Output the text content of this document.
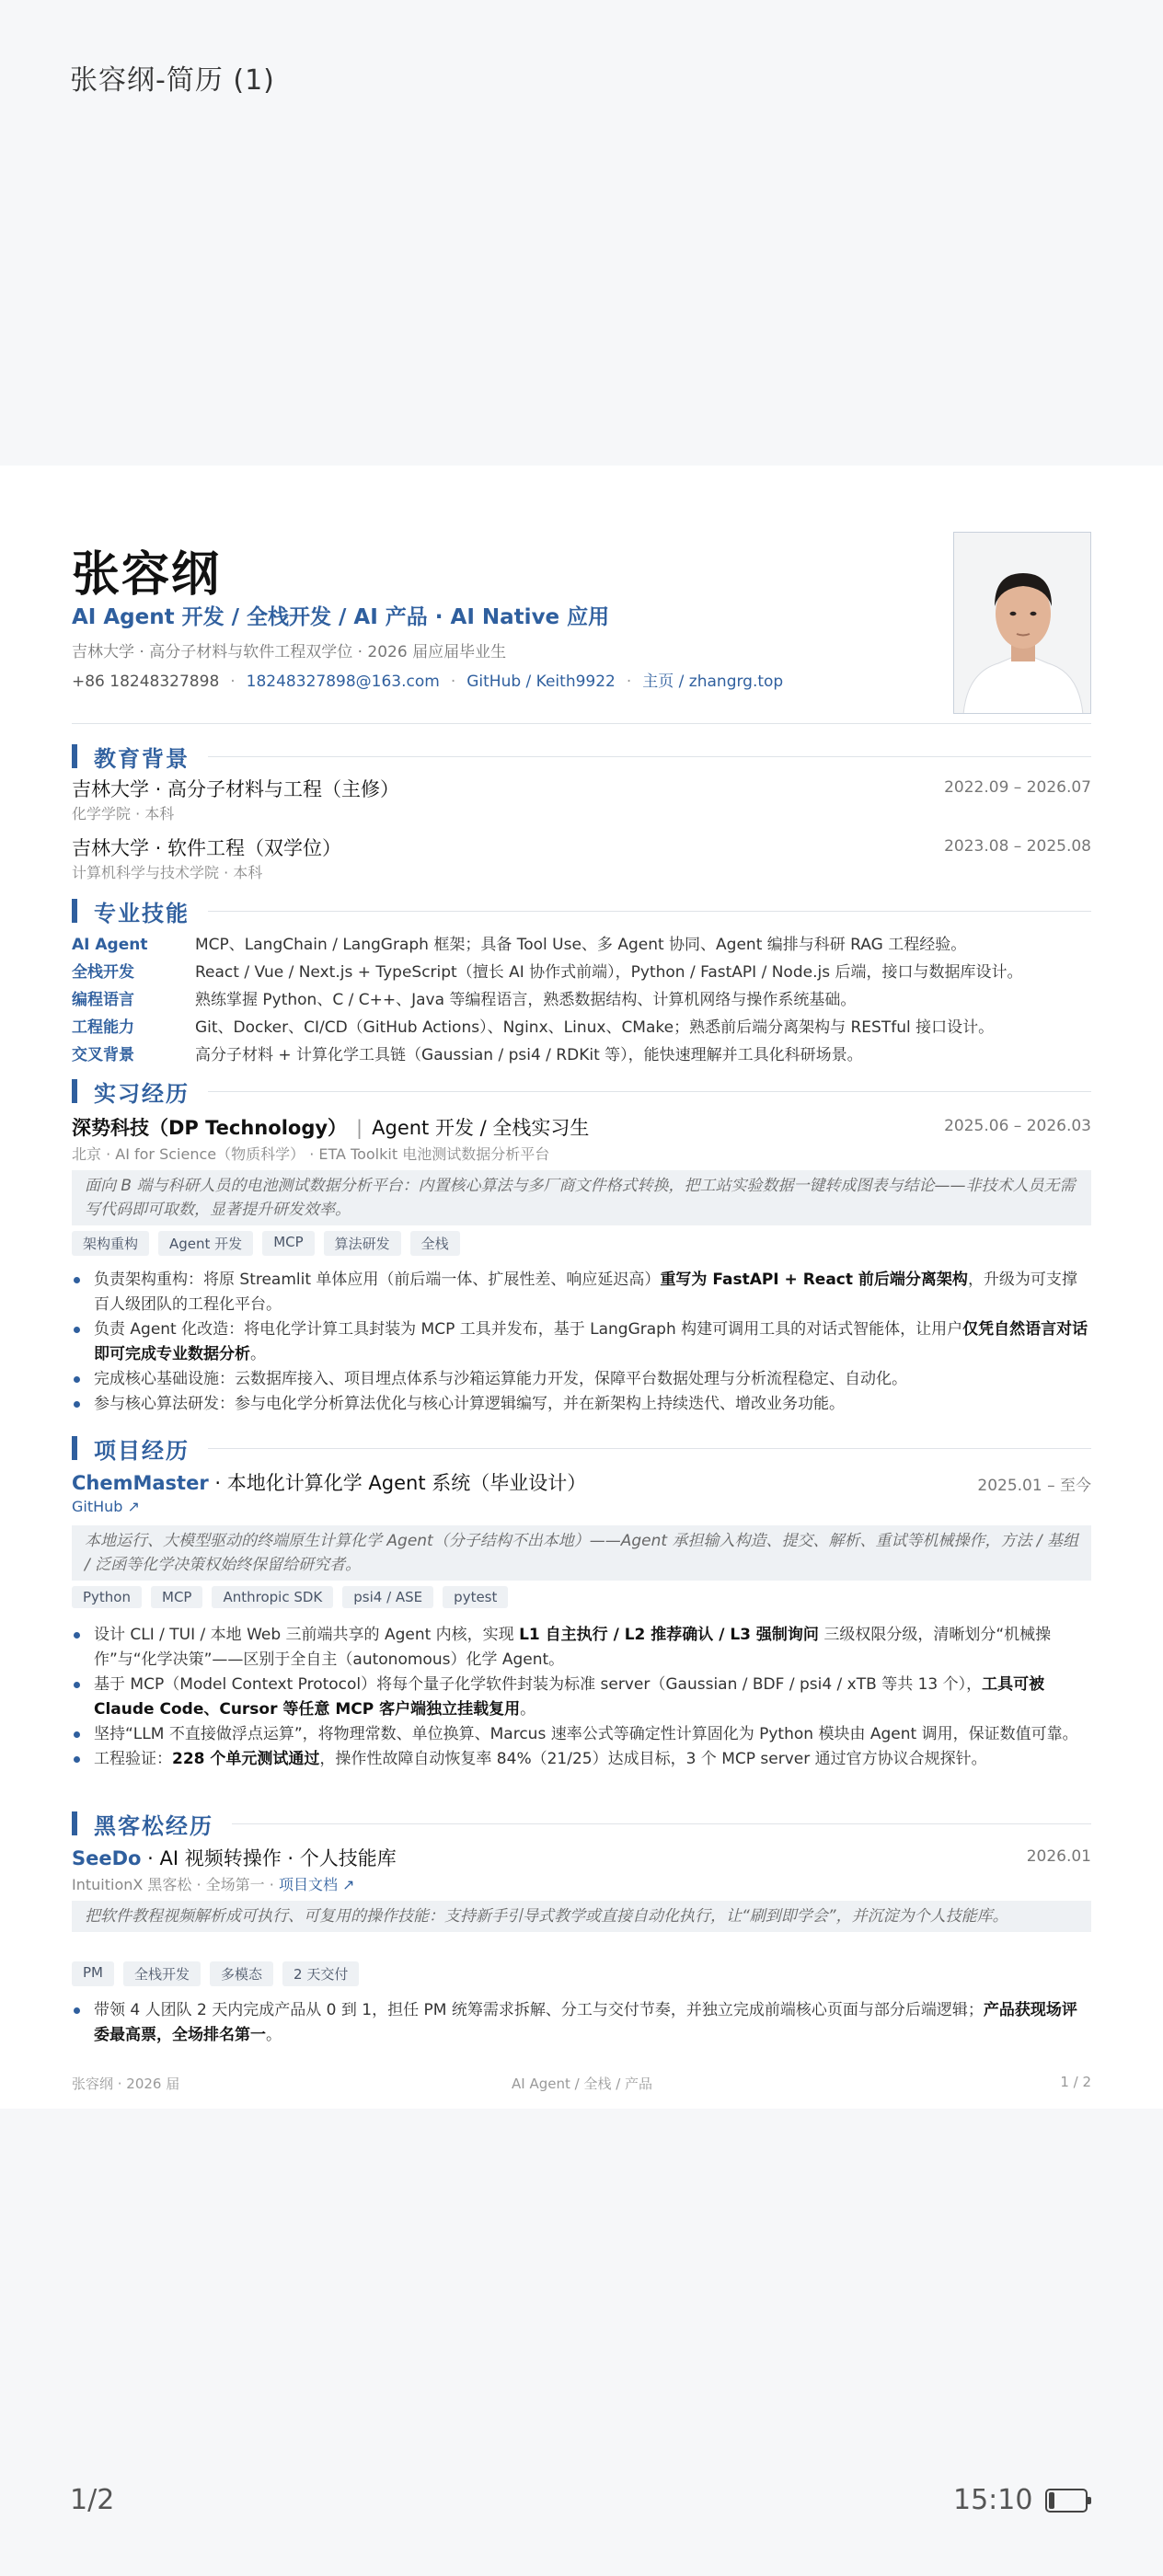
张容纲-简历 (1)
张容纲
AI Agent 开发 / 全栈开发 / AI 产品 · AI Native 应用
吉林大学 · 高分子材料与软件工程双学位 · 2026 届应届毕业生
+86 18248327898 · 18248327898@163.com · GitHub / Keith9922 · 主页 / zhangrg.top
教育背景
吉林大学 · 高分子材料与工程（主修）	2022.09 – 2026.07
化学学院 · 本科
吉林大学 · 软件工程（双学位）	2023.08 – 2025.08
计算机科学与技术学院 · 本科
专业技能
AI Agent	MCP、LangChain / LangGraph 框架；具备 Tool Use、多 Agent 协同、Agent 编排与科研 RAG 工程经验。
全栈开发	React / Vue / Next.js + TypeScript（擅长 AI 协作式前端），Python / FastAPI / Node.js 后端，接口与数据库设计。
编程语言	熟练掌握 Python、C / C++、Java 等编程语言，熟悉数据结构、计算机网络与操作系统基础。
工程能力	Git、Docker、CI/CD（GitHub Actions）、Nginx、Linux、CMake；熟悉前后端分离架构与 RESTful 接口设计。
交叉背景	高分子材料 + 计算化学工具链（Gaussian / psi4 / RDKit 等），能快速理解并工具化科研场景。
实习经历
深势科技（DP Technology） | Agent 开发 / 全栈实习生	2025.06 – 2026.03
北京 · AI for Science（物质科学） · ETA Toolkit 电池测试数据分析平台
面向 B 端与科研人员的电池测试数据分析平台：内置核心算法与多厂商文件格式转换，把工站实验数据一键转成图表与结论——非技术人员无需写代码即可取数，显著提升研发效率。
架构重构	Agent 开发	MCP	算法研发	全栈
负责架构重构：将原 Streamlit 单体应用（前后端一体、扩展性差、响应延迟高）重写为 FastAPI + React 前后端分离架构，升级为可支撑百人级团队的工程化平台。
负责 Agent 化改造：将电化学计算工具封装为 MCP 工具并发布，基于 LangGraph 构建可调用工具的对话式智能体，让用户仅凭自然语言对话即可完成专业数据分析。
完成核心基础设施：云数据库接入、项目埋点体系与沙箱运算能力开发，保障平台数据处理与分析流程稳定、自动化。
参与核心算法研发：参与电化学分析算法优化与核心计算逻辑编写，并在新架构上持续迭代、增改业务功能。
项目经历
ChemMaster · 本地化计算化学 Agent 系统（毕业设计）	2025.01 – 至今
GitHub ↗
本地运行、大模型驱动的终端原生计算化学 Agent（分子结构不出本地）——Agent 承担输入构造、提交、解析、重试等机械操作，方法 / 基组 / 泛函等化学决策权始终保留给研究者。
Python	MCP	Anthropic SDK	psi4 / ASE	pytest
设计 CLI / TUI / 本地 Web 三前端共享的 Agent 内核，实现 L1 自主执行 / L2 推荐确认 / L3 强制询问 三级权限分级，清晰划分“机械操作”与“化学决策”——区别于全自主（autonomous）化学 Agent。
基于 MCP（Model Context Protocol）将每个量子化学软件封装为标准 server（Gaussian / BDF / psi4 / xTB 等共 13 个），工具可被 Claude Code、Cursor 等任意 MCP 客户端独立挂载复用。
坚持“LLM 不直接做浮点运算”，将物理常数、单位换算、Marcus 速率公式等确定性计算固化为 Python 模块由 Agent 调用，保证数值可靠。
工程验证：228 个单元测试通过，操作性故障自动恢复率 84%（21/25）达成目标，3 个 MCP server 通过官方协议合规探针。
黑客松经历
SeeDo · AI 视频转操作 · 个人技能库	2026.01
IntuitionX 黑客松 · 全场第一 · 项目文档 ↗
把软件教程视频解析成可执行、可复用的操作技能：支持新手引导式教学或直接自动化执行，让“刷到即学会”，并沉淀为个人技能库。
PM	全栈开发	多模态	2 天交付
带领 4 人团队 2 天内完成产品从 0 到 1，担任 PM 统筹需求拆解、分工与交付节奏，并独立完成前端核心页面与部分后端逻辑；产品获现场评委最高票，全场排名第一。
张容纲 · 2026 届	AI Agent / 全栈 / 产品	1 / 2
1/2	15:10
